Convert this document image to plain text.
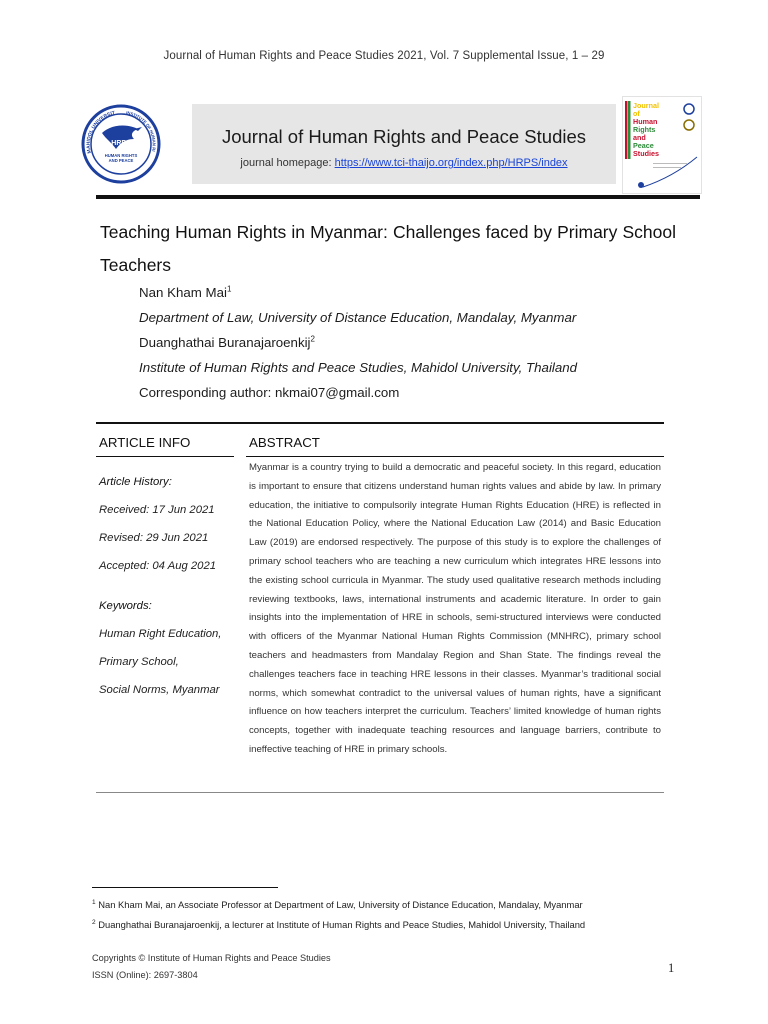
Journal of Human Rights and Peace Studies 2021, Vol. 7 Supplemental Issue, 1 – 29
MAHIDOL UNIVERSIT	INSTITUTE OF HUMAN RI
HRPS
HUMAN RIGHTS
AND PEACE
Journal of Human Rights and Peace Studies
journal homepage: https://www.tci-thaijo.org/index.php/HRPS/index
Journal
of
Human
Rights
and
Peace
Studies
Teaching Human Rights in Myanmar: Challenges faced by Primary School Teachers
Nan Kham Mai$^1$
Department of Law, University of Distance Education, Mandalay, Myanmar
Duanghathai Buranajaroenkij$^2$
Institute of Human Rights and Peace Studies, Mahidol University, Thailand
Corresponding author: nkmai07@gmail.com
ARTICLE INFO	ABSTRACT
Article History:
Received: 17 Jun 2021
Revised: 29 Jun 2021
Accepted: 04 Aug 2021
Keywords:
Human Right Education,
Primary School,
Social Norms, Myanmar
Myanmar is a country trying to build a democratic and peaceful society. In this regard, education is important to ensure that citizens understand human rights values and abide by law. In primary education, the initiative to compulsorily integrate Human Rights Education (HRE) is reflected in the National Education Policy, where the National Education Law (2014) and Basic Education Law (2019) are endorsed respectively. The purpose of this study is to explore the challenges of primary school teachers who are teaching a new curriculum which integrates HRE lessons into the existing school curricula in Myanmar. The study used qualitative research methods including reviewing textbooks, laws, international instruments and academic literature. In order to gain insights into the implementation of HRE in schools, semi-structured interviews were conducted with officers of the Myanmar National Human Rights Commission (MNHRC), primary school teachers and headmasters from Mandalay Region and Shan State. The findings reveal the challenges teachers face in teaching HRE lessons in their classes. Myanmar’s traditional social norms, which somewhat contradict to the universal values of human rights, have a significant influence on how teachers interpret the curriculum. Teachers’ limited knowledge of human rights concepts, together with inadequate teaching resources and language barriers, contribute to ineffective teaching of HRE in primary schools.
$^1$ Nan Kham Mai, an Associate Professor at Department of Law, University of Distance Education, Mandalay, Myanmar
$^2$ Duanghathai Buranajaroenkij, a lecturer at Institute of Human Rights and Peace Studies, Mahidol University, Thailand
Copyrights © Institute of Human Rights and Peace Studies
ISSN (Online): 2697-3804	1
